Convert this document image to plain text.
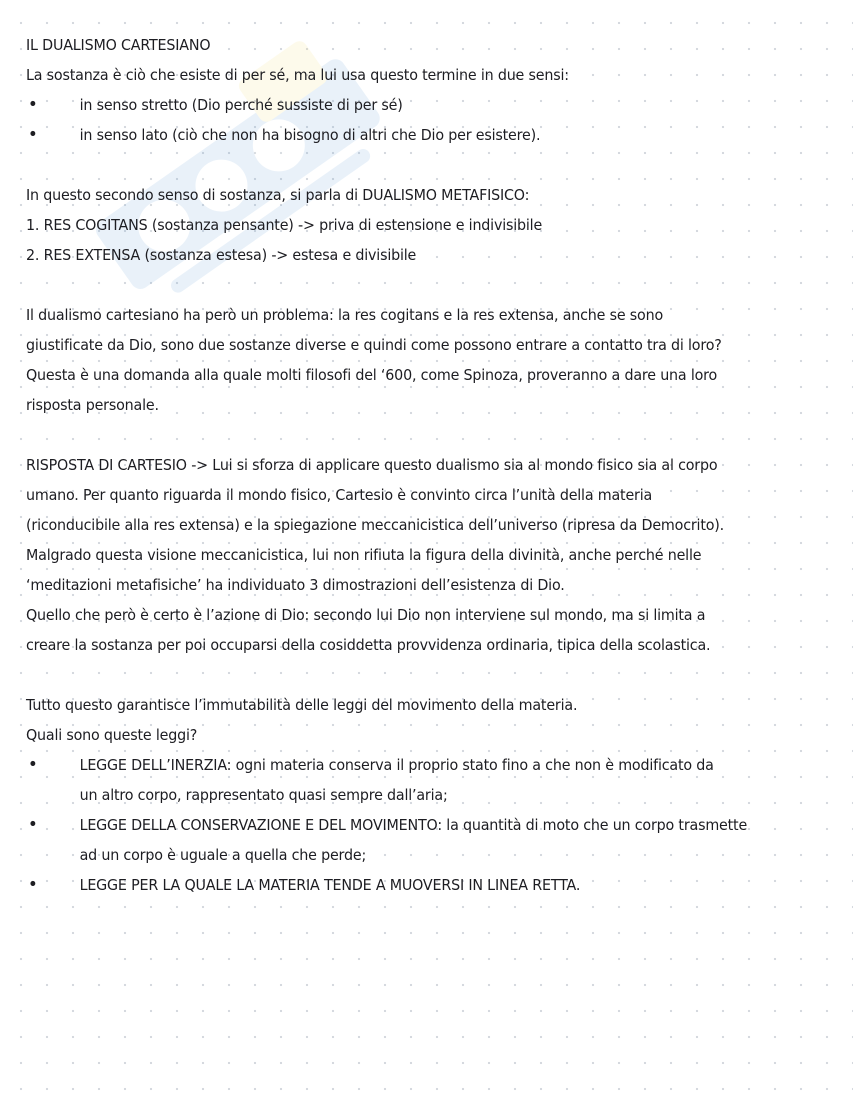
IL DUALISMO CARTESIANO

La sostanza è ciò che esiste di per sé, ma lui usa questo termine in due sensi:

• in senso stretto (Dio perché sussiste di per sé)
• in senso lato (ciò che non ha bisogno di altri che Dio per esistere).

In questo secondo senso di sostanza, si parla di DUALISMO METAFISICO:

1. RES COGITANS (sostanza pensante) -> priva di estensione e indivisibile

2. RES EXTENSA (sostanza estesa) -> estesa e divisibile

Il dualismo cartesiano ha però un problema: la res cogitans e la res extensa, anche se sono

giustificate da Dio, sono due sostanze diverse e quindi come possono entrare a contatto tra di loro?

Questa è una domanda alla quale molti filosofi del ‘600, come Spinoza, proveranno a dare una loro

risposta personale.

RISPOSTA DI CARTESIO -> Lui si sforza di applicare questo dualismo sia al mondo fisico sia al corpo

umano. Per quanto riguarda il mondo fisico, Cartesio è convinto circa l’unità della materia

(riconducibile alla res extensa) e la spiegazione meccanicistica dell’universo (ripresa da Democrito).

Malgrado questa visione meccanicistica, lui non rifiuta la figura della divinità, anche perché nelle

‘meditazioni metafisiche’ ha individuato 3 dimostrazioni dell’esistenza di Dio.

Quello che però è certo è l’azione di Dio: secondo lui Dio non interviene sul mondo, ma si limita a

creare la sostanza per poi occuparsi della cosiddetta provvidenza ordinaria, tipica della scolastica.

Tutto questo garantisce l’immutabilità delle leggi del movimento della materia.

Quali sono queste leggi?

• LEGGE DELL’INERZIA: ogni materia conserva il proprio stato fino a che non è modificato da
un altro corpo, rappresentato quasi sempre dall’aria;
• LEGGE DELLA CONSERVAZIONE E DEL MOVIMENTO: la quantità di moto che un corpo trasmette
ad un corpo è uguale a quella che perde;
• LEGGE PER LA QUALE LA MATERIA TENDE A MUOVERSI IN LINEA RETTA.
